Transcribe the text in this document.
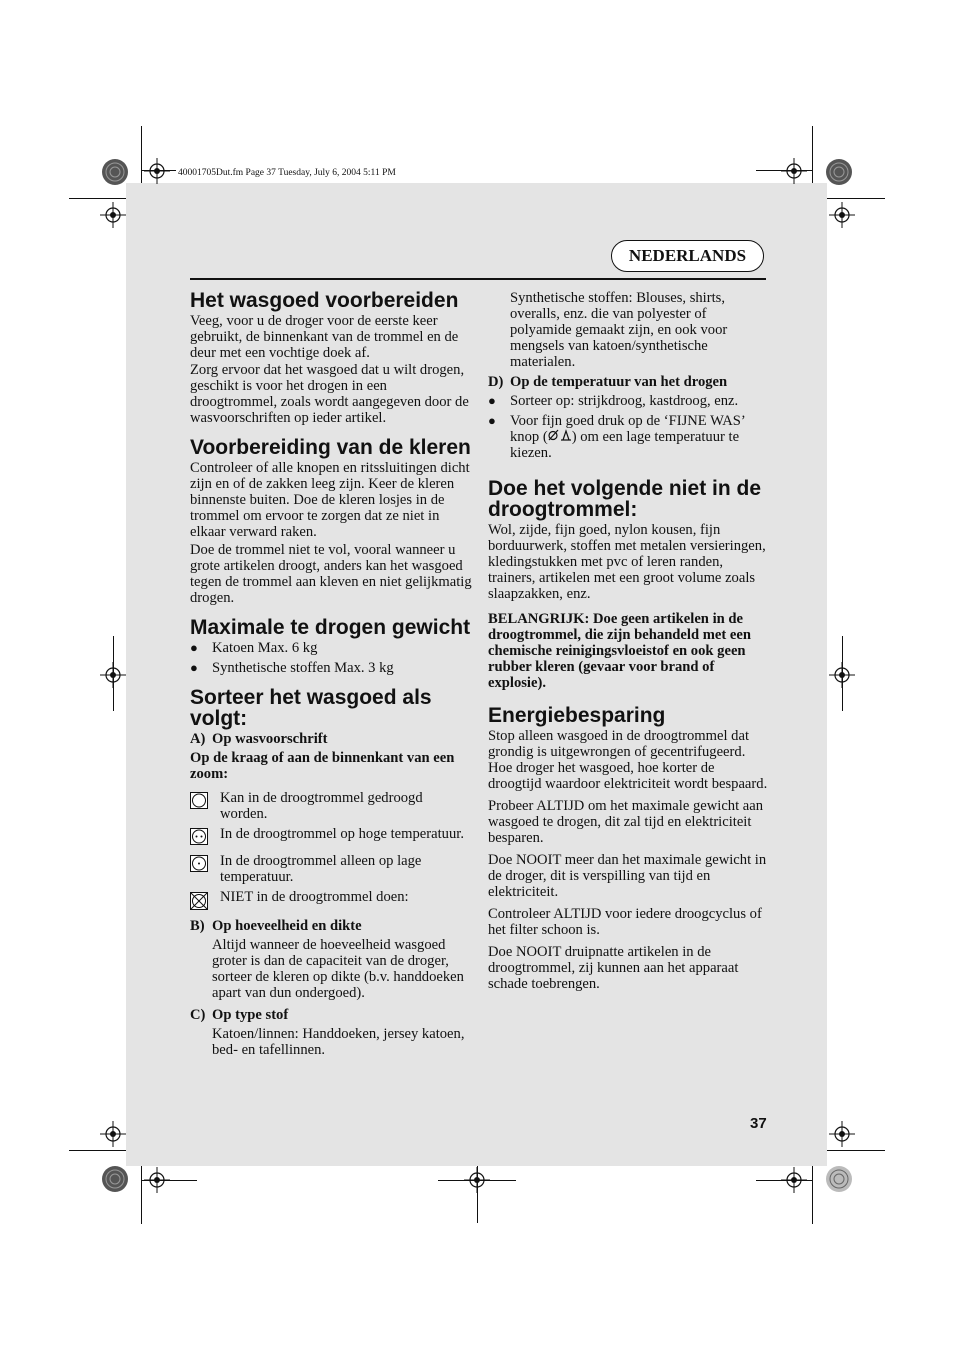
40001705Dut.fm Page 37 Tuesday, July 6, 2004 5:11 PM
NEDERLANDS
Het wasgoed voorbereiden

Veeg, voor u de droger voor de eerste keer gebruikt, de binnenkant van de trommel en de deur met een vochtige doek af.

Zorg ervoor dat het wasgoed dat u wilt drogen, geschikt is voor het drogen in een droogtrommel, zoals wordt aangegeven door de wasvoorschriften op ieder artikel.

Voorbereiding van de kleren

Controleer of alle knopen en ritssluitingen dicht zijn en of de zakken leeg zijn. Keer de kleren binnenste buiten. Doe de kleren losjes in de trommel om ervoor te zorgen dat ze niet in elkaar verward raken.

Doe de trommel niet te vol, vooral wanneer u grote artikelen droogt, anders kan het wasgoed tegen de trommel aan kleven en niet gelijkmatig drogen.

Maximale te drogen gewicht
● Katoen Max. 6 kg
● Synthetische stoffen Max. 3 kg
Sorteer het wasgoed als volgt:
A) Op wasvoorschrift

Op de kraag of aan de binnenkant van een zoom:

Kan in de droogtrommel gedroogd worden.
In de droogtrommel op hoge temperatuur.
In de droogtrommel alleen op lage temperatuur.
NIET in de droogtrommel doen:
B) Op hoeveelheid en dikte

Altijd wanneer de hoeveelheid wasgoed groter is dan de capaciteit van de droger, sorteer de kleren op dikte (b.v. handdoeken apart van dun ondergoed).

C) Op type stof

Katoen/linnen: Handdoeken, jersey katoen, bed- en tafellinnen.

Synthetische stoffen: Blouses, shirts, overalls, enz. die van polyester of polyamide gemaakt zijn, en ook voor mengsels van katoen/synthetische materialen.

D) Op de temperatuur van het drogen
● Sorteer op: strijkdroog, kastdroog, enz.
● Voor fijn goed druk op de ‘FIJNE WAS’ knop ( ) om een lage temperatuur te kiezen.
Doe het volgende niet in de droogtrommel:

Wol, zijde, fijn goed, nylon kousen, fijn borduurwerk, stoffen met metalen versieringen, kledingstukken met pvc of leren randen, trainers, artikelen met een groot volume zoals slaapzakken, enz.

BELANGRIJK: Doe geen artikelen in de droogtrommel, die zijn behandeld met een chemische reinigingsvloeistof en ook geen rubber kleren (gevaar voor brand of explosie).

Energiebesparing

Stop alleen wasgoed in de droogtrommel dat grondig is uitgewrongen of gecentrifugeerd. Hoe droger het wasgoed, hoe korter de droogtijd waardoor elektriciteit wordt bespaard.

Probeer ALTIJD om het maximale gewicht aan wasgoed te drogen, dit zal tijd en elektriciteit besparen.

Doe NOOIT meer dan het maximale gewicht in de droger, dit is verspilling van tijd en elektriciteit.

Controleer ALTIJD voor iedere droogcyclus of het filter schoon is.

Doe NOOIT druipnatte artikelen in de droogtrommel, zij kunnen aan het apparaat schade toebrengen.

37
